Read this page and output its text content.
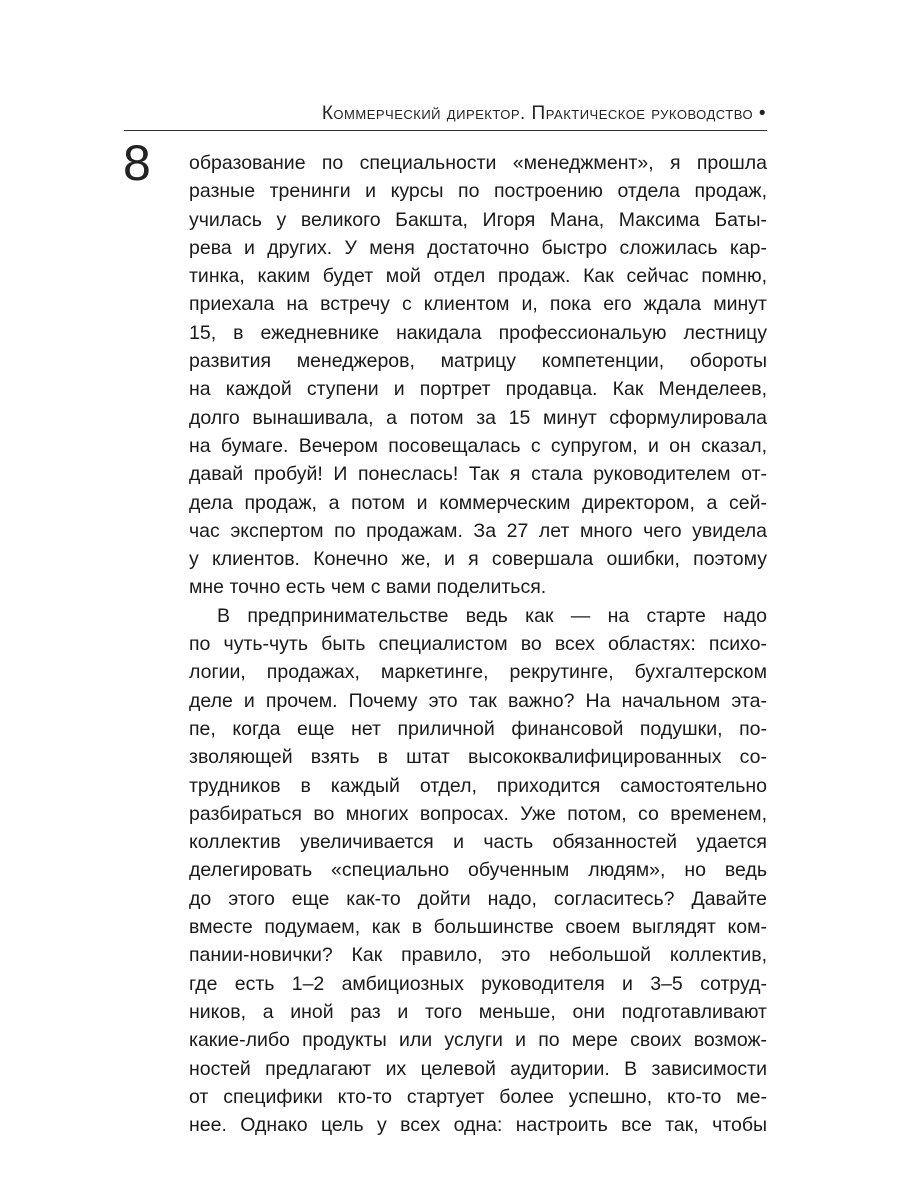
Коммерческий директор. Практическое руководство •
8 образование по специальности «менеджмент», я прошла
разные тренинги и курсы по построению отдела продаж,
училась у великого Бакшта, Игоря Мана, Максима Баты-
рева и других. У меня достаточно быстро сложилась кар-
тинка, каким будет мой отдел продаж. Как сейчас помню,
приехала на встречу с клиентом и, пока его ждала минут
15, в ежедневнике накидала профессиональую лестницу
развития менеджеров, матрицу компетенции, обороты
на каждой ступени и портрет продавца. Как Менделеев,
долго вынашивала, а потом за 15 минут сформулировала
на бумаге. Вечером посовещалась с супругом, и он сказал,
давай пробуй! И понеслась! Так я стала руководителем от-
дела продаж, а потом и коммерческим директором, а сей-
час экспертом по продажам. За 27 лет много чего увидела
у клиентов. Конечно же, и я совершала ошибки, поэтому
мне точно есть чем с вами поделиться.
В предпринимательстве ведь как — на старте надо
по чуть-чуть быть специалистом во всех областях: психо-
логии, продажах, маркетинге, рекрутинге, бухгалтерском
деле и прочем. Почему это так важно? На начальном эта-
пе, когда еще нет приличной финансовой подушки, по-
зволяющей взять в штат высококвалифицированных со-
трудников в каждый отдел, приходится самостоятельно
разбираться во многих вопросах. Уже потом, со временем,
коллектив увеличивается и часть обязанностей удается
делегировать «специально обученным людям», но ведь
до этого еще как-то дойти надо, согласитесь? Давайте
вместе подумаем, как в большинстве своем выглядят ком-
пании-новички? Как правило, это небольшой коллектив,
где есть 1–2 амбициозных руководителя и 3–5 сотруд-
ников, а иной раз и того меньше, они подготавливают
какие-либо продукты или услуги и по мере своих возмож-
ностей предлагают их целевой аудитории. В зависимости
от специфики кто-то стартует более успешно, кто-то ме-
нее. Однако цель у всех одна: настроить все так, чтобы
